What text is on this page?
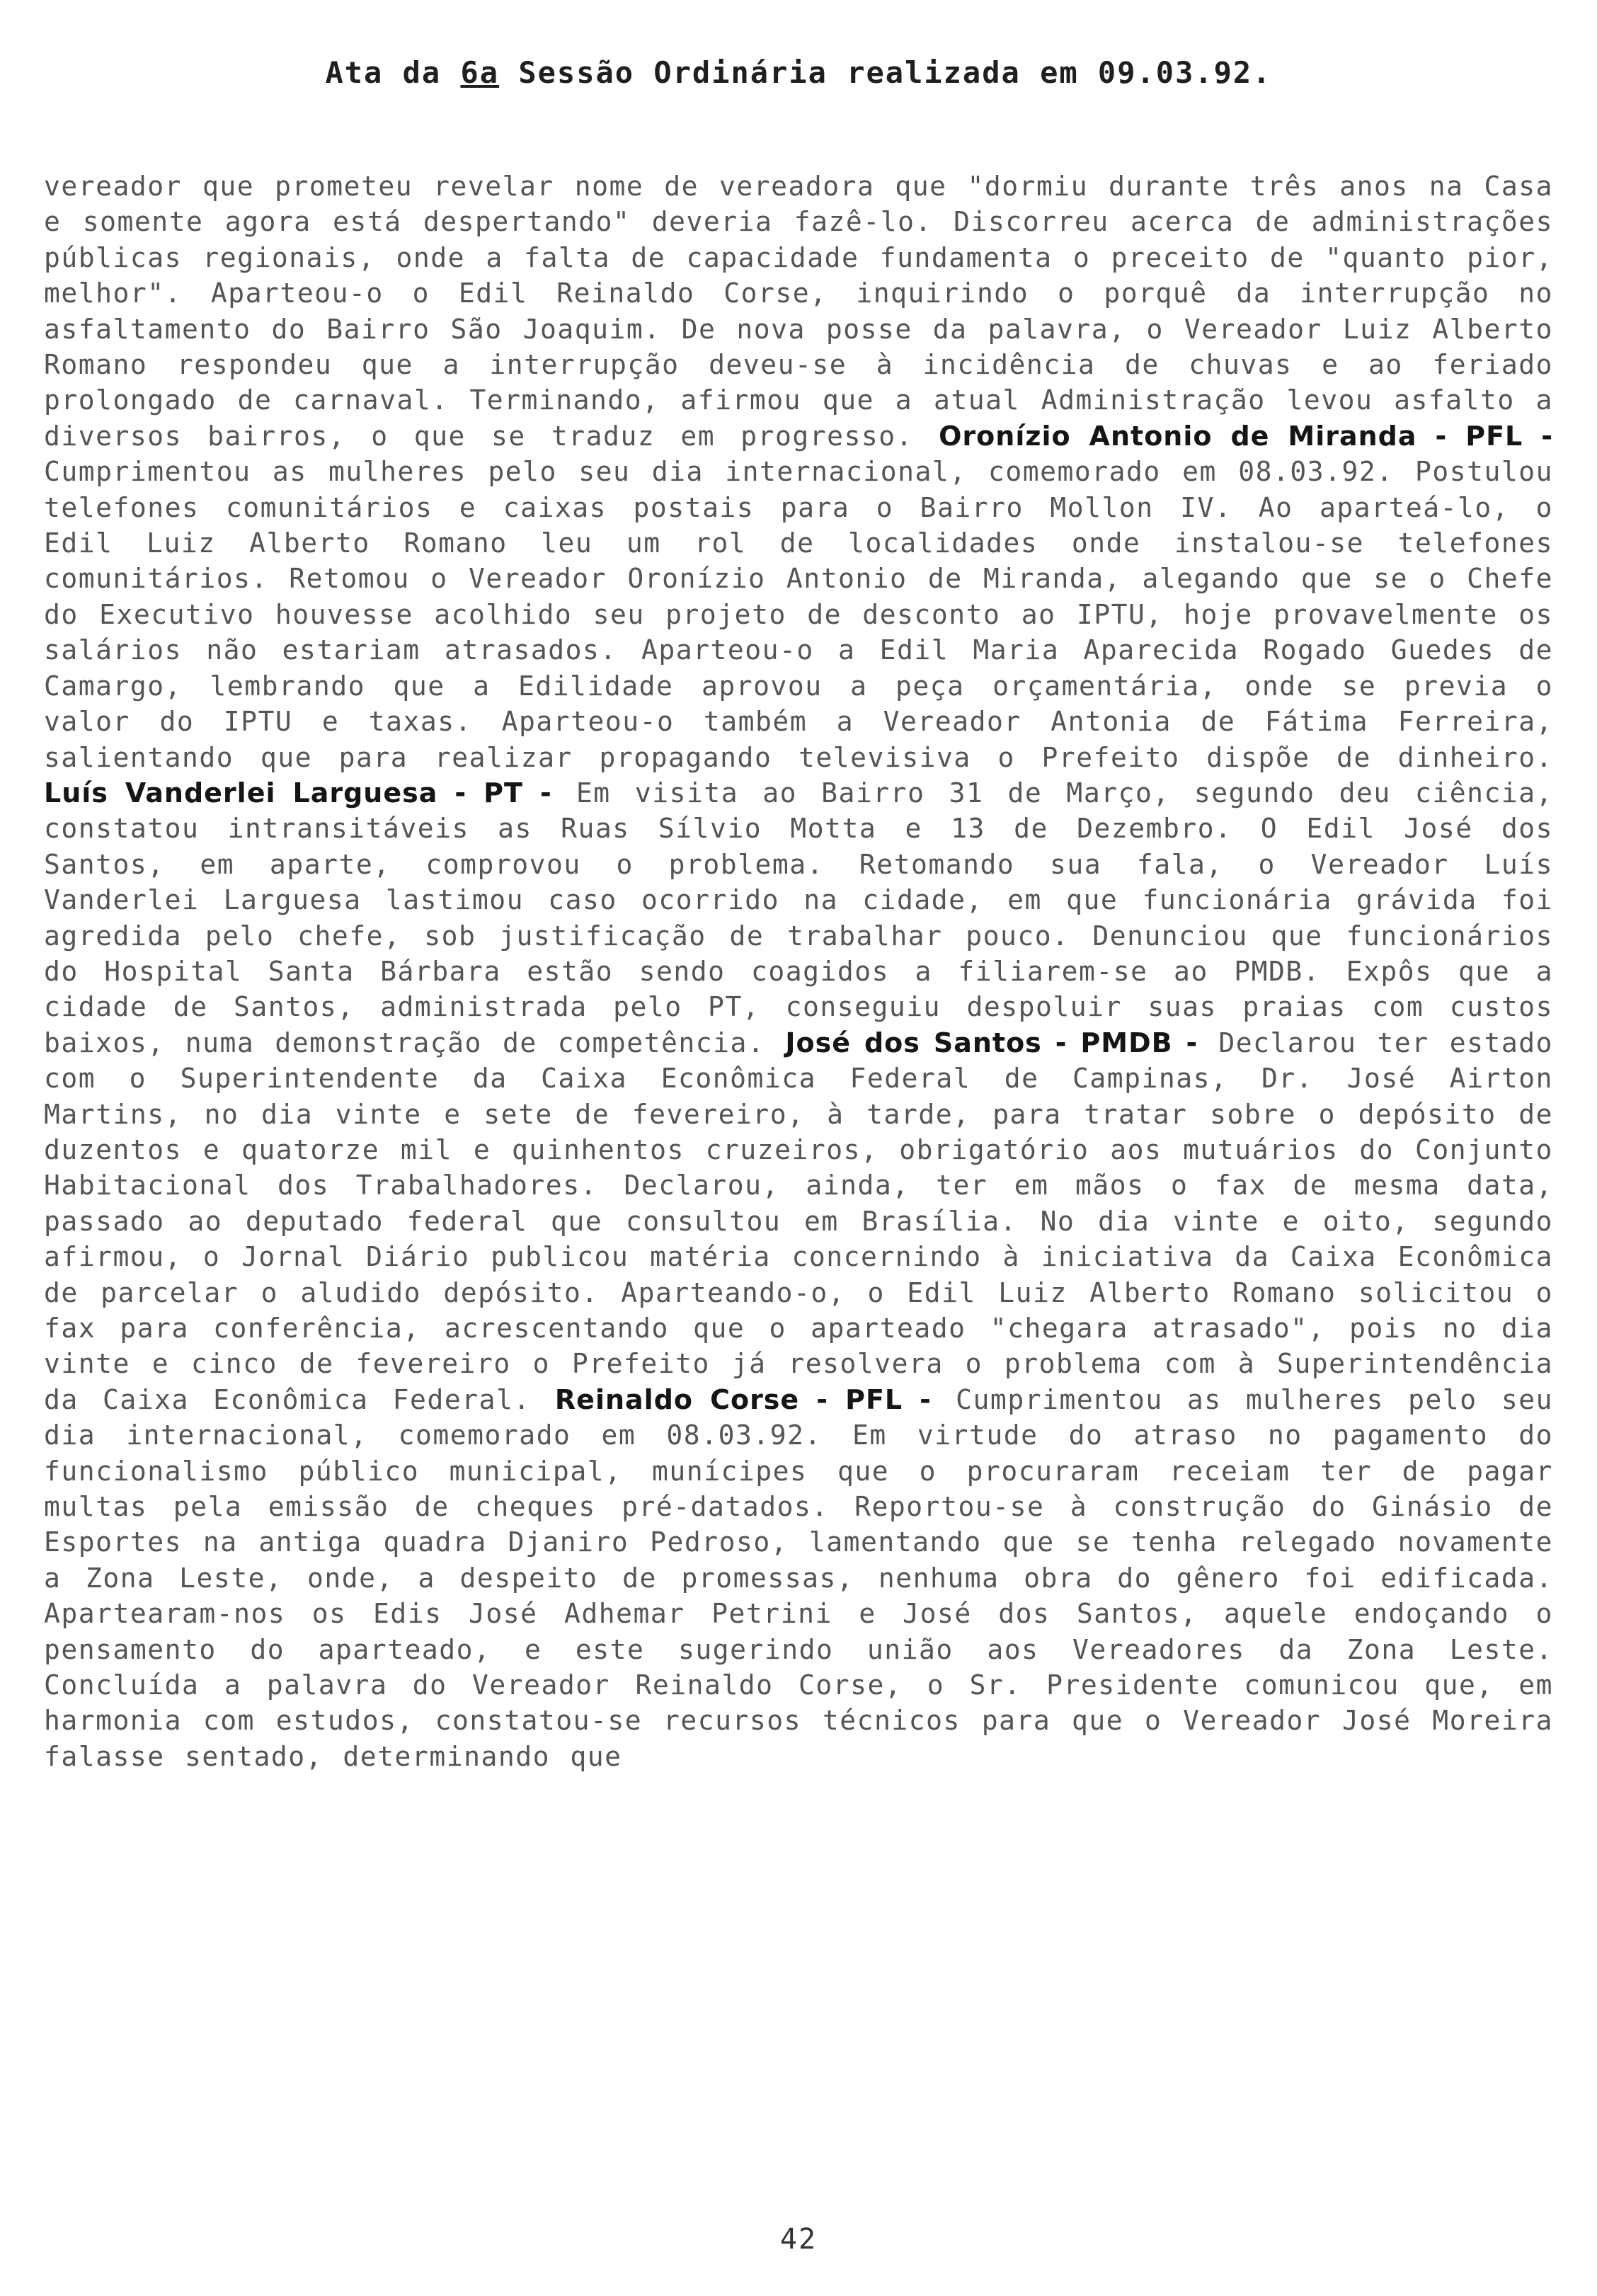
Ata da 6a Sessão Ordinária realizada em 09.03.92.
vereador que prometeu revelar nome de vereadora que "dormiu durante três anos na Casa e somente agora está despertando" deveria fazê-lo. Discorreu acerca de administrações públicas regionais, onde a falta de capacidade fundamenta o preceito de "quanto pior, melhor". Aparteou-o o Edil Reinaldo Corse, inquirindo o porquê da interrupção no asfaltamento do Bairro São Joaquim. De nova posse da palavra, o Vereador Luiz Alberto Romano respondeu que a interrupção deveu-se à incidência de chuvas e ao feriado prolongado de carnaval. Terminando, afirmou que a atual Administração levou asfalto a diversos bairros, o que se traduz em progresso. Oronízio Antonio de Miranda - PFL - Cumprimentou as mulheres pelo seu dia internacional, comemorado em 08.03.92. Postulou telefones comunitários e caixas postais para o Bairro Mollon IV. Ao aparteá-lo, o Edil Luiz Alberto Romano leu um rol de localidades onde instalou-se telefones comunitários. Retomou o Vereador Oronízio Antonio de Miranda, alegando que se o Chefe do Executivo houvesse acolhido seu projeto de desconto ao IPTU, hoje provavelmente os salários não estariam atrasados. Aparteou-o a Edil Maria Aparecida Rogado Guedes de Camargo, lembrando que a Edilidade aprovou a peça orçamentária, onde se previa o valor do IPTU e taxas. Aparteou-o também a Vereador Antonia de Fátima Ferreira, salientando que para realizar propagando televisiva o Prefeito dispõe de dinheiro. Luís Vanderlei Larguesa - PT - Em visita ao Bairro 31 de Março, segundo deu ciência, constatou intransitáveis as Ruas Sílvio Motta e 13 de Dezembro. O Edil José dos Santos, em aparte, comprovou o problema. Retomando sua fala, o Vereador Luís Vanderlei Larguesa lastimou caso ocorrido na cidade, em que funcionária grávida foi agredida pelo chefe, sob justificação de trabalhar pouco. Denunciou que funcionários do Hospital Santa Bárbara estão sendo coagidos a filiarem-se ao PMDB. Expôs que a cidade de Santos, administrada pelo PT, conseguiu despoluir suas praias com custos baixos, numa demonstração de competência. José dos Santos - PMDB - Declarou ter estado com o Superintendente da Caixa Econômica Federal de Campinas, Dr. José Airton Martins, no dia vinte e sete de fevereiro, à tarde, para tratar sobre o depósito de duzentos e quatorze mil e quinhentos cruzeiros, obrigatório aos mutuários do Conjunto Habitacional dos Trabalhadores. Declarou, ainda, ter em mãos o fax de mesma data, passado ao deputado federal que consultou em Brasília. No dia vinte e oito, segundo afirmou, o Jornal Diário publicou matéria concernindo à iniciativa da Caixa Econômica de parcelar o aludido depósito. Aparteando-o, o Edil Luiz Alberto Romano solicitou o fax para conferência, acrescentando que o aparteado "chegara atrasado", pois no dia vinte e cinco de fevereiro o Prefeito já resolvera o problema com à Superintendência da Caixa Econômica Federal. Reinaldo Corse - PFL - Cumprimentou as mulheres pelo seu dia internacional, comemorado em 08.03.92. Em virtude do atraso no pagamento do funcionalismo público municipal, munícipes que o procuraram receiam ter de pagar multas pela emissão de cheques pré-datados. Reportou-se à construção do Ginásio de Esportes na antiga quadra Djaniro Pedroso, lamentando que se tenha relegado novamente a Zona Leste, onde, a despeito de promessas, nenhuma obra do gênero foi edificada. Apartearam-nos os Edis José Adhemar Petrini e José dos Santos, aquele endoçando o pensamento do aparteado, e este sugerindo união aos Vereadores da Zona Leste. Concluída a palavra do Vereador Reinaldo Corse, o Sr. Presidente comunicou que, em harmonia com estudos, constatou-se recursos técnicos para que o Vereador José Moreira falasse sentado, determinando que
42
